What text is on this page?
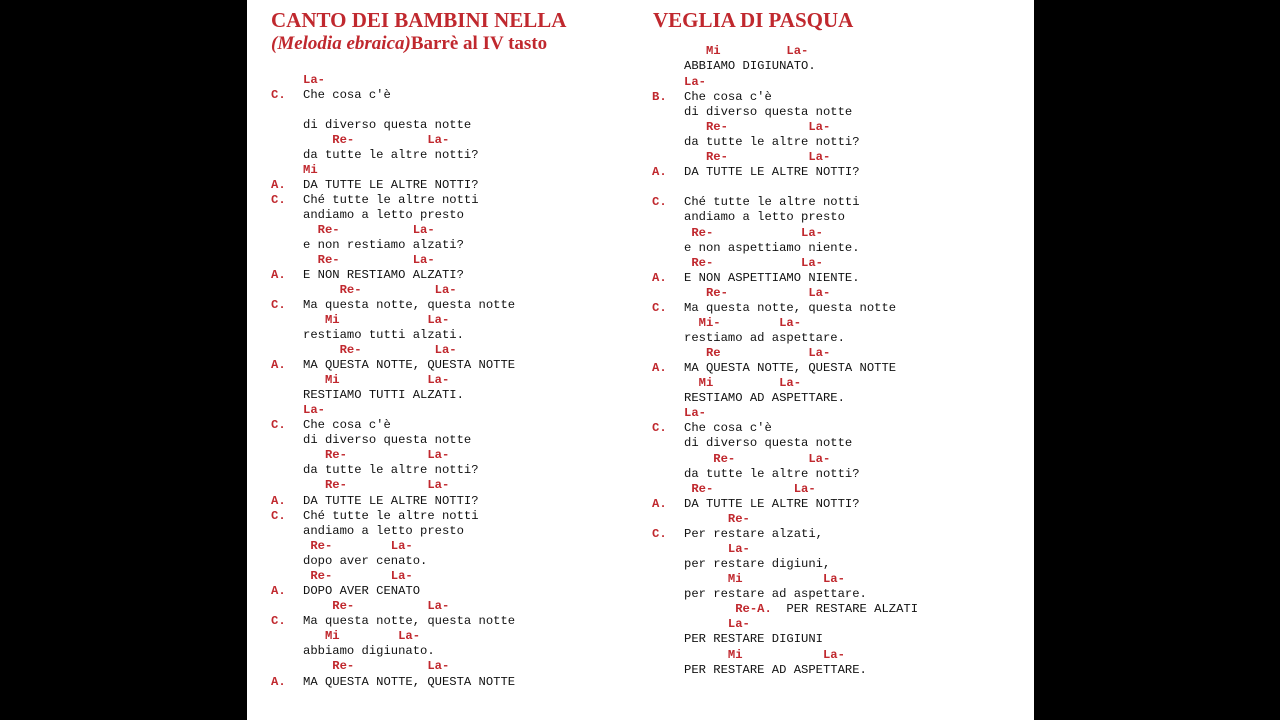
CANTO DEI BAMBINI NELLA
(Melodia ebraica)Barrè al IV tasto
VEGLIA DI PASQUA
La-
C. Che cosa c'è
di diverso questa notte
Re-          La-
da tutte le altre notti?
Mi
A. DA TUTTE LE ALTRE NOTTI?
C. Ché tutte le altre notti
andiamo a letto presto
Re-          La-
e non restiamo alzati?
Re-          La-
A. E NON RESTIAMO ALZATI?
Re-          La-
C. Ma questa notte, questa notte
Mi            La-
restiamo tutti alzati.
Re-          La-
A. MA QUESTA NOTTE, QUESTA NOTTE
Mi            La-
RESTIAMO TUTTI ALZATI.
La-
C. Che cosa c'è
di diverso questa notte
Re-           La-
da tutte le altre notti?
Re-           La-
A. DA TUTTE LE ALTRE NOTTI?
C. Ché tutte le altre notti
andiamo a letto presto
Re-        La-
dopo aver cenato.
Re-        La-
A. DOPO AVER CENATO
Re-          La-
C. Ma questa notte, questa notte
Mi        La-
abbiamo digiunato.
Re-          La-
A. MA QUESTA NOTTE, QUESTA NOTTE
Mi         La-
ABBIAMO DIGIUNATO.
La-
B. Che cosa c'è
di diverso questa notte
Re-           La-
da tutte le altre notti?
Re-           La-
A. DA TUTTE LE ALTRE NOTTI?
C. Ché tutte le altre notti
andiamo a letto presto
Re-            La-
e non aspettiamo niente.
Re-            La-
A. E NON ASPETTIAMO NIENTE.
Re-           La-
C. Ma questa notte, questa notte
Mi-        La-
restiamo ad aspettare.
Re            La-
A. MA QUESTA NOTTE, QUESTA NOTTE
Mi         La-
RESTIAMO AD ASPETTARE.
La-
C. Che cosa c'è
di diverso questa notte
Re-          La-
da tutte le altre notti?
Re-           La-
A. DA TUTTE LE ALTRE NOTTI?
Re-
C. Per restare alzati,
La-
per restare digiuni,
Mi           La-
per restare ad aspettare.
Re-A.  PER RESTARE ALZATI
La-
PER RESTARE DIGIUNI
Mi           La-
PER RESTARE AD ASPETTARE.
